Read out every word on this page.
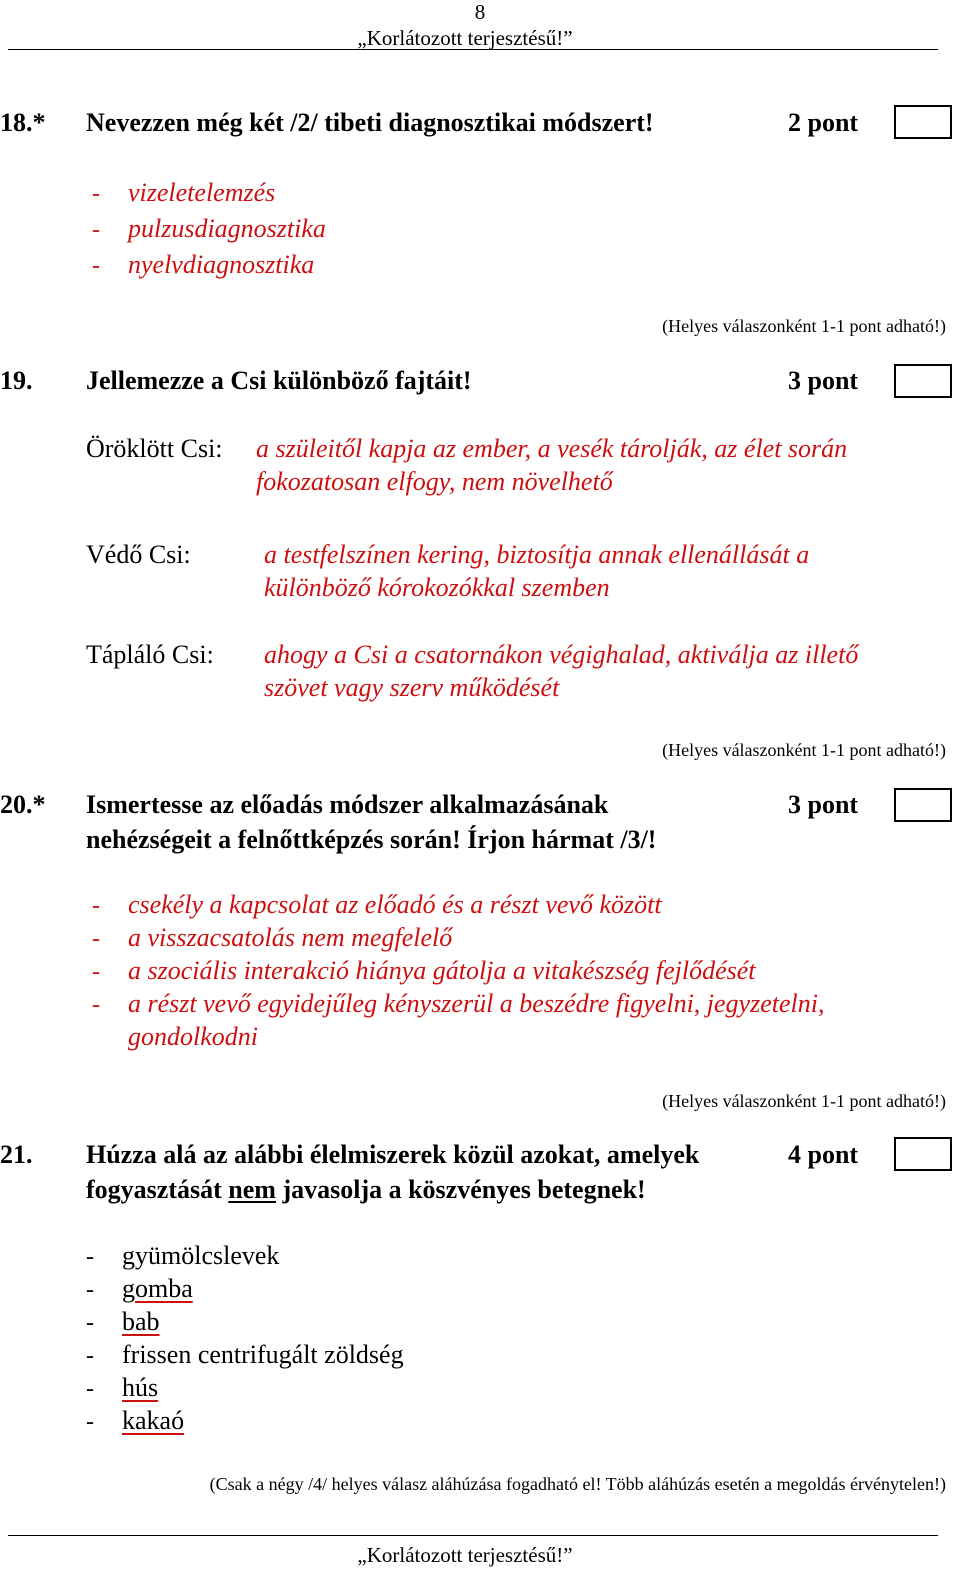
8
„Korlátozott terjesztésű!”
18.* Nevezzen még két /2/ tibeti diagnosztikai módszert!	2 pont
- vizeletelemzés
- pulzusdiagnosztika
- nyelvdiagnosztika
(Helyes válaszonként 1-1 pont adható!)
19. Jellemezze a Csi különböző fajtáit!	3 pont
Öröklött Csi: a szüleitől kapja az ember, a vesék tárolják, az élet során
fokozatosan elfogy, nem növelhető
Védő Csi:	a testfelszínen kering, biztosítja annak ellenállását a
különböző kórokozókkal szemben
Tápláló Csi: ahogy a Csi a csatornákon végighalad, aktiválja az illető
szövet vagy szerv működését
(Helyes válaszonként 1-1 pont adható!)
20.* Ismertesse az előadás módszer alkalmazásának
nehézségeit a felnőttképzés során! Írjon hármat /3/!
3 pont
- csekély a kapcsolat az előadó és a részt vevő között
- a visszacsatolás nem megfelelő
- a szociális interakció hiánya gátolja a vitakészség fejlődését
- a részt vevő egyidejűleg kényszerül a beszédre figyelni, jegyzetelni,
gondolkodni
(Helyes válaszonként 1-1 pont adható!)
21. Húzza alá az alábbi élelmiszerek közül azokat, amelyek
fogyasztását nem javasolja a köszvényes betegnek!
4 pont
- gyümölcslevek
- gomba
- bab
- frissen centrifugált zöldség
- hús
- kakaó
(Csak a négy /4/ helyes válasz aláhúzása fogadható el! Több aláhúzás esetén a megoldás érvénytelen!)
„Korlátozott terjesztésű!”
